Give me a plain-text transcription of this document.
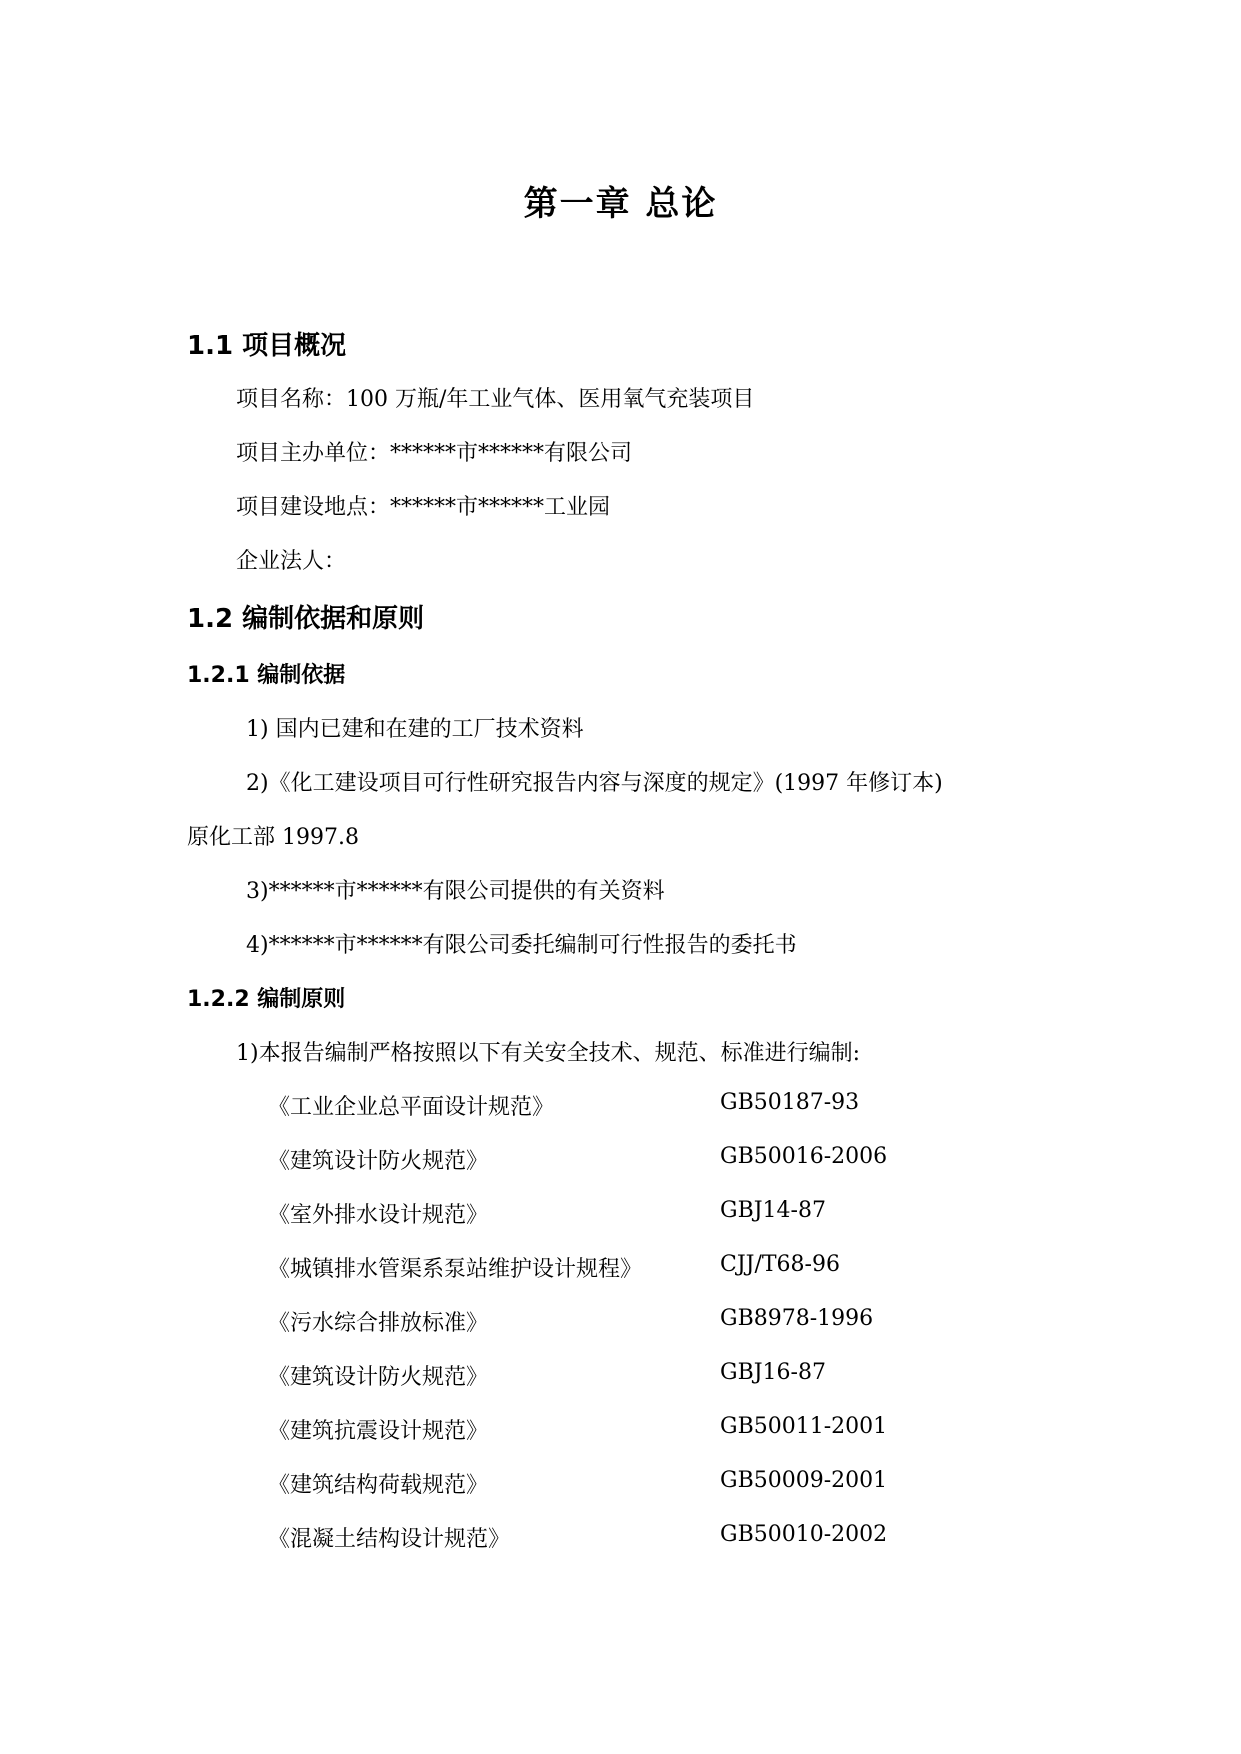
第一章 总论
1.1 项目概况
项目名称：100 万瓶/年工业气体、医用氧气充装项目
项目主办单位：******市******有限公司
项目建设地点：******市******工业园
企业法人：
1.2 编制依据和原则
1.2.1 编制依据
1) 国内已建和在建的工厂技术资料
2)《化工建设项目可行性研究报告内容与深度的规定》(1997 年修订本)
原化工部 1997.8
3)******市******有限公司提供的有关资料
4)******市******有限公司委托编制可行性报告的委托书
1.2.2 编制原则
1)本报告编制严格按照以下有关安全技术、规范、标准进行编制:
《工业企业总平面设计规范》	GB50187-93
《建筑设计防火规范》	GB50016-2006
《室外排水设计规范》	GBJ14-87
《城镇排水管渠系泵站维护设计规程》	CJJ/T68-96
《污水综合排放标准》	GB8978-1996
《建筑设计防火规范》	GBJ16-87
《建筑抗震设计规范》	GB50011-2001
《建筑结构荷载规范》	GB50009-2001
《混凝土结构设计规范》	GB50010-2002
